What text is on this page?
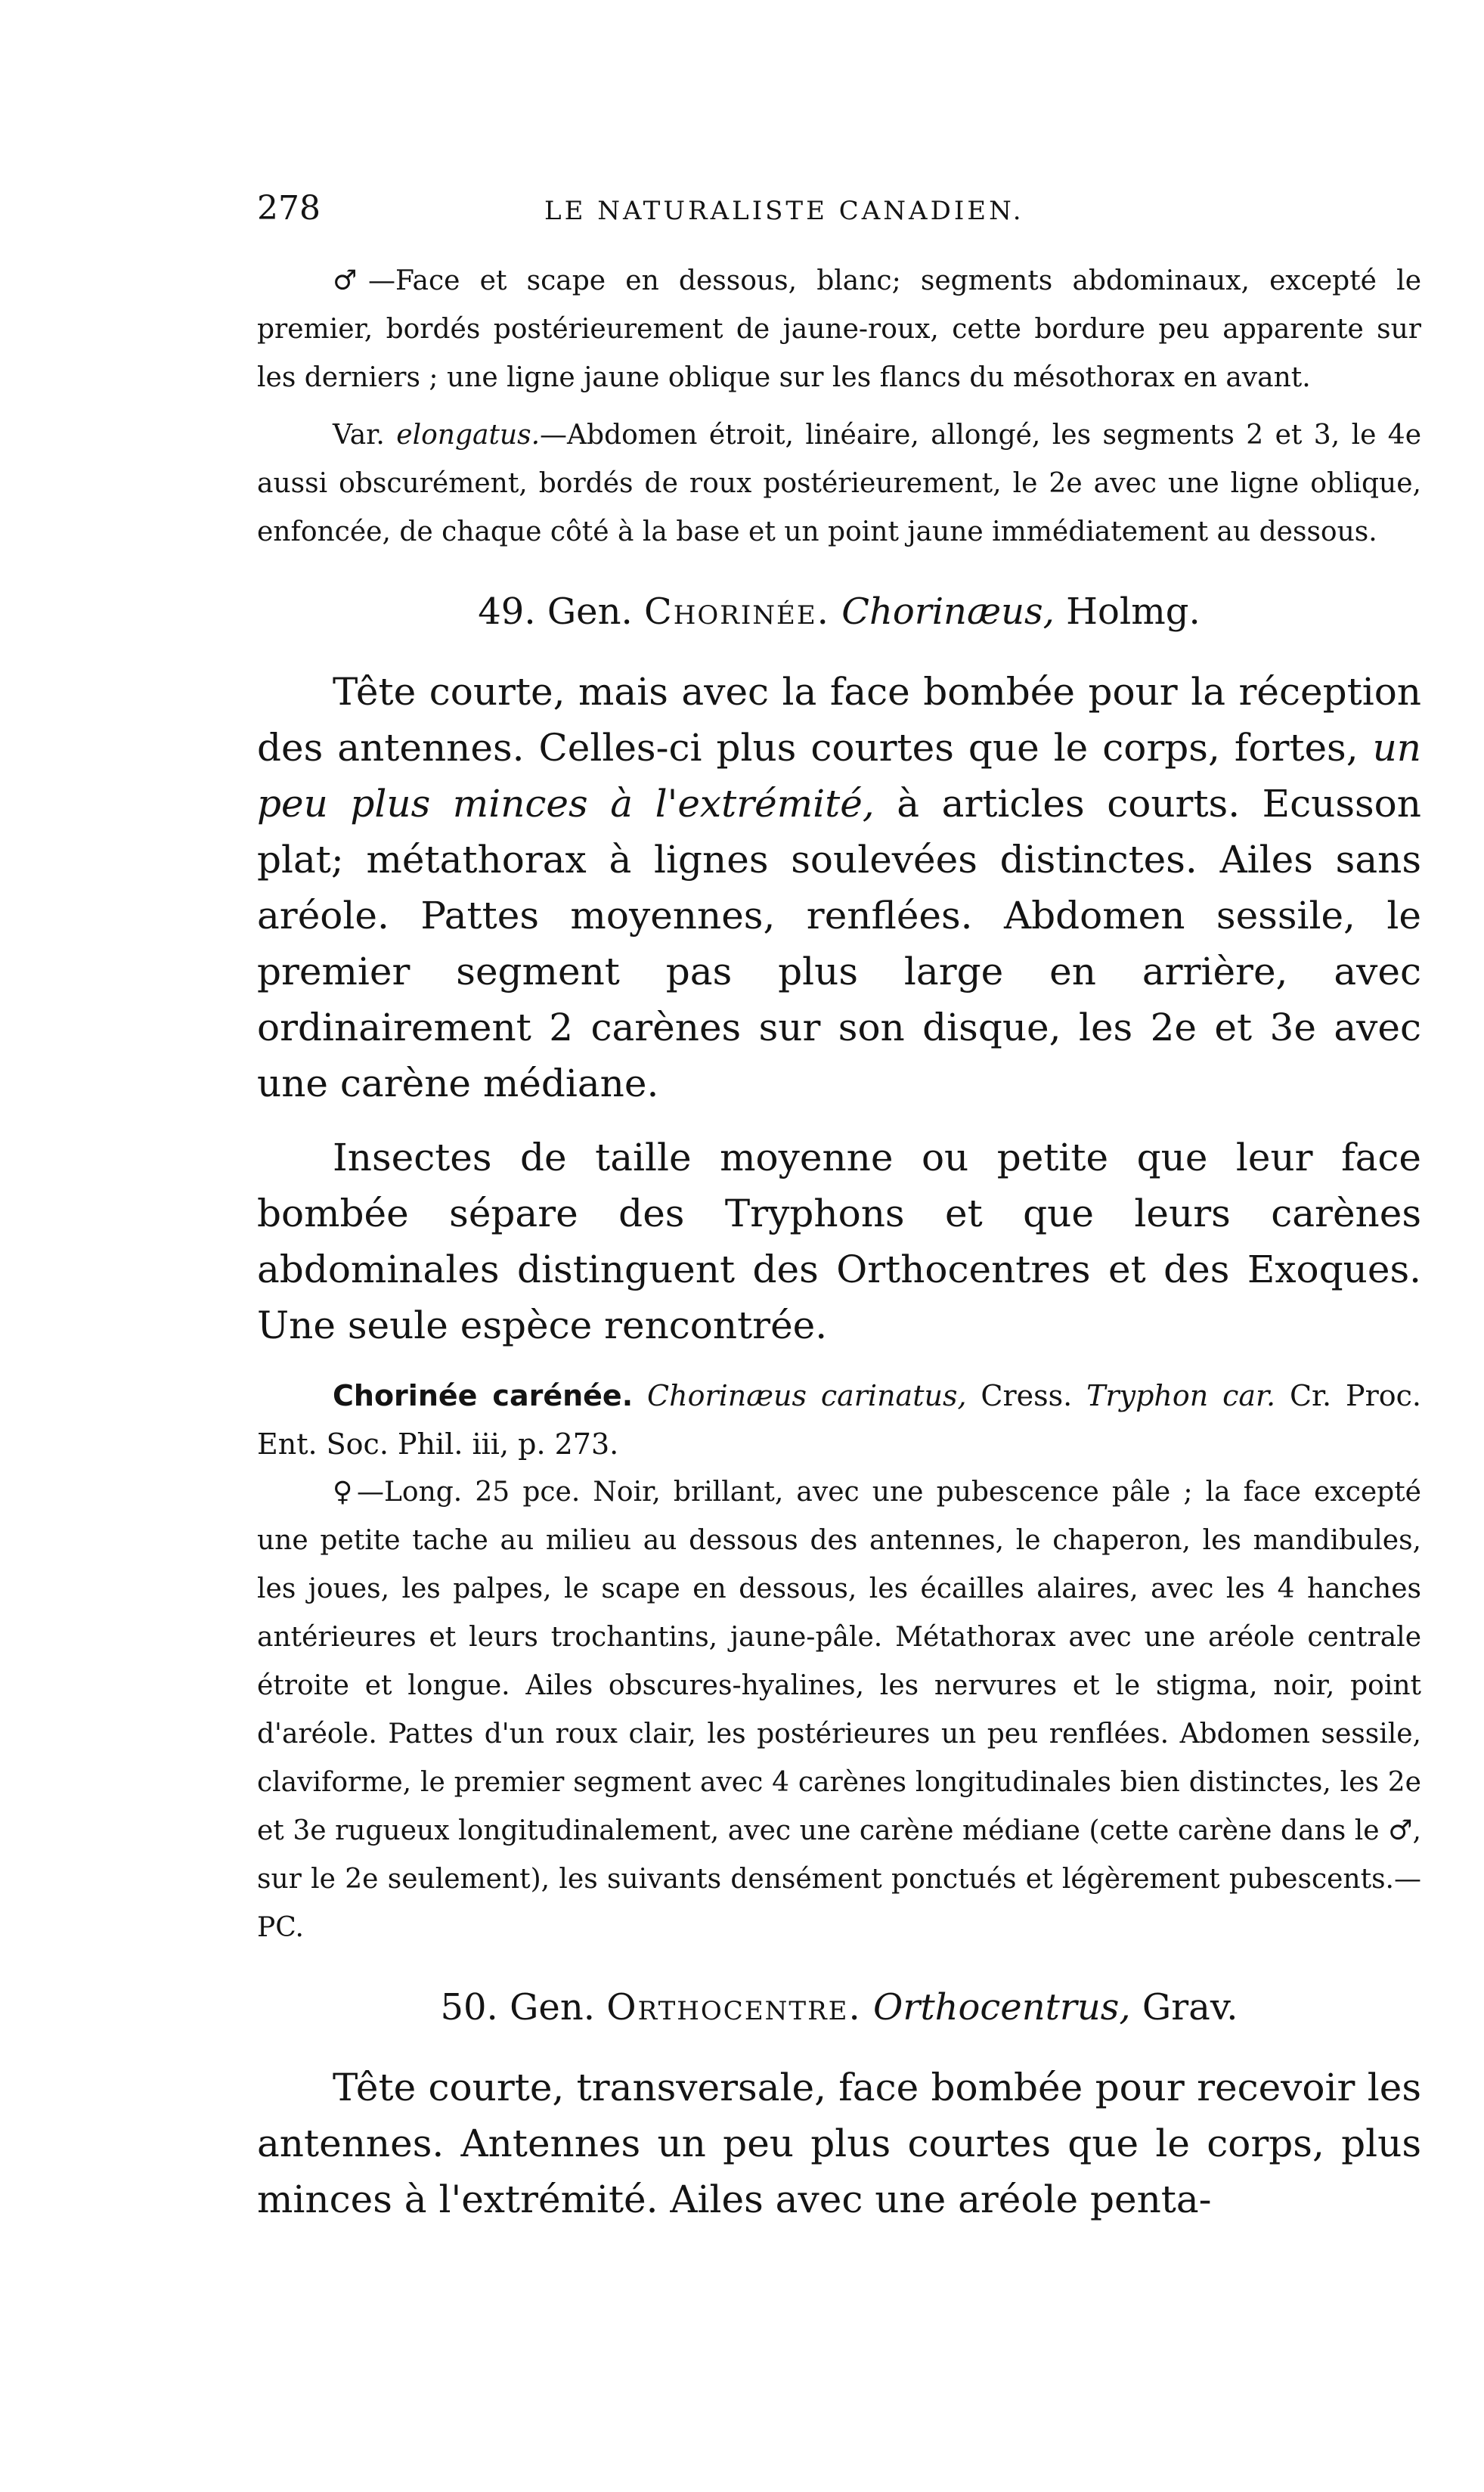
278	LE NATURALISTE CANADIEN.

♂—Face et scape en dessous, blanc; segments abdominaux, excepté le premier, bordés postérieurement de jaune-roux, cette bordure peu apparente sur les derniers ; une ligne jaune oblique sur les flancs du mésothorax en avant.

Var. elongatus.—Abdomen étroit, linéaire, allongé, les segments 2 et 3, le 4e aussi obscurément, bordés de roux postérieurement, le 2e avec une ligne oblique, enfoncée, de chaque côté à la base et un point jaune immédiatement au dessous.

49. Gen. Chorinée. Chorinæus, Holmg.

Tête courte, mais avec la face bombée pour la réception des antennes. Celles-ci plus courtes que le corps, fortes, un peu plus minces à l'extrémité, à articles courts. Ecusson plat; métathorax à lignes soulevées distinctes. Ailes sans aréole. Pattes moyennes, renflées. Abdomen sessile, le premier segment pas plus large en arrière, avec ordinairement 2 carènes sur son disque, les 2e et 3e avec une carène médiane.

Insectes de taille moyenne ou petite que leur face bombée sépare des Tryphons et que leurs carènes abdominales distinguent des Orthocentres et des Exoques. Une seule espèce rencontrée.

Chorinée carénée. Chorinæus carinatus, Cress. Tryphon car. Cr. Proc. Ent. Soc. Phil. iii, p. 273.

♀—Long. 25 pce. Noir, brillant, avec une pubescence pâle ; la face excepté une petite tache au milieu au dessous des antennes, le chaperon, les mandibules, les joues, les palpes, le scape en dessous, les écailles alaires, avec les 4 hanches antérieures et leurs trochantins, jaune-pâle. Métathorax avec une aréole centrale étroite et longue. Ailes obscures-hyalines, les nervures et le stigma, noir, point d'aréole. Pattes d'un roux clair, les postérieures un peu renflées. Abdomen sessile, claviforme, le premier segment avec 4 carènes longitudinales bien distinctes, les 2e et 3e rugueux longitudinalement, avec une carène médiane (cette carène dans le ♂, sur le 2e seulement), les suivants densément ponctués et légèrement pubescents.—PC.

50. Gen. Orthocentre. Orthocentrus, Grav.

Tête courte, transversale, face bombée pour recevoir les antennes. Antennes un peu plus courtes que le corps, plus minces à l'extrémité. Ailes avec une aréole penta-
